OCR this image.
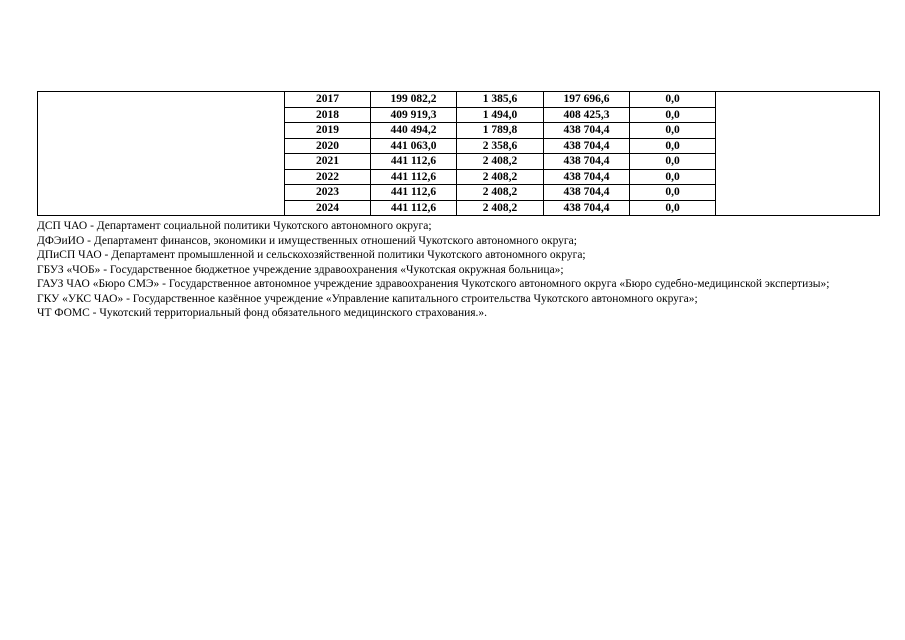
	2017	199 082,2	1 385,6	197 696,6	0,0	
	2018	409 919,3	1 494,0	408 425,3	0,0	
	2019	440 494,2	1 789,8	438 704,4	0,0	
	2020	441 063,0	2 358,6	438 704,4	0,0	
	2021	441 112,6	2 408,2	438 704,4	0,0	
	2022	441 112,6	2 408,2	438 704,4	0,0	
	2023	441 112,6	2 408,2	438 704,4	0,0	
	2024	441 112,6	2 408,2	438 704,4	0,0	

ДСП ЧАО - Департамент социальной политики Чукотского автономного округа;

ДФЭиИО - Департамент финансов, экономики и имущественных отношений Чукотского автономного округа;

ДПиСП ЧАО - Департамент промышленной и сельскохозяйственной политики Чукотского автономного округа;

ГБУЗ «ЧОБ» - Государственное бюджетное учреждение здравоохранения «Чукотская окружная больница»;

ГАУЗ ЧАО «Бюро СМЭ» - Государственное автономное учреждение здравоохранения Чукотского автономного округа «Бюро судебно-медицинской экспертизы»;

ГКУ «УКС ЧАО» - Государственное казённое учреждение «Управление капитального строительства Чукотского автономного округа»;

ЧТ ФОМС - Чукотский территориальный фонд обязательного медицинского страхования.».
